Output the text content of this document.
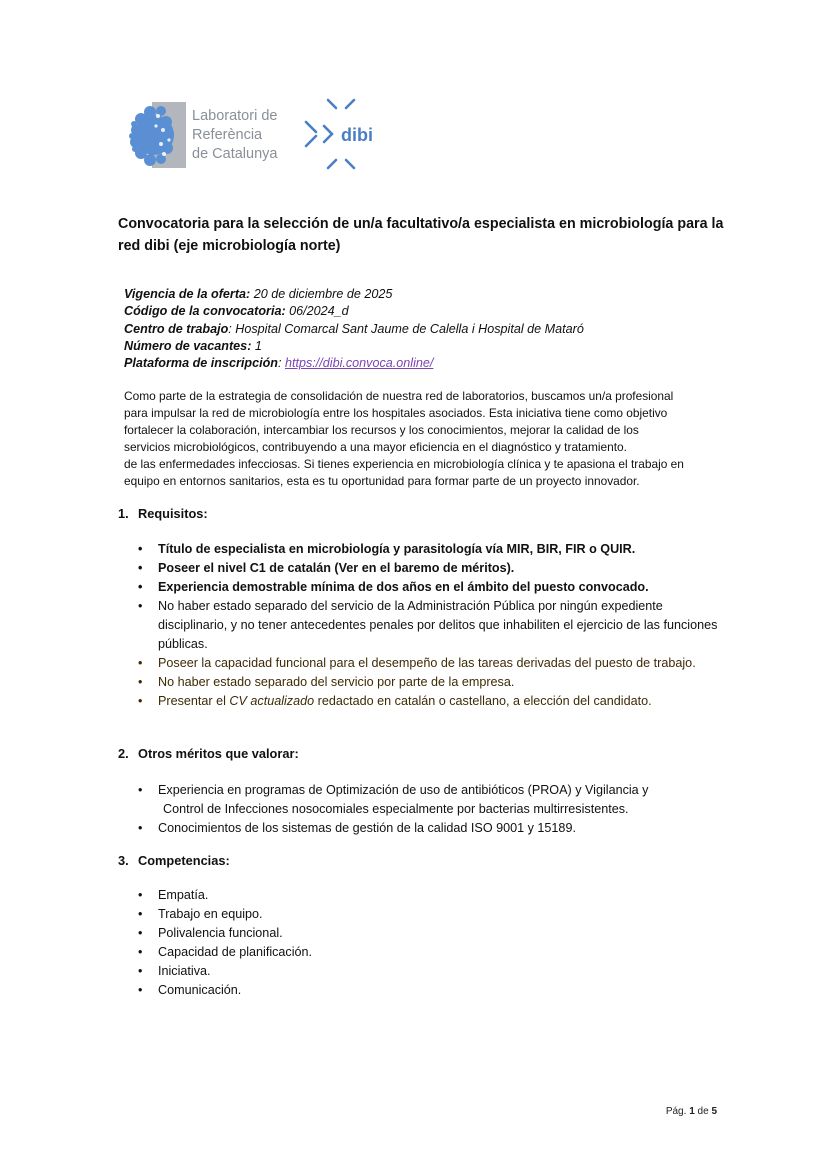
Laboratori de
Referència
de Catalunya
dibi
Convocatoria para la selección de un/a facultativo/a especialista en microbiología para la red dibi (eje microbiología norte)
Vigencia de la oferta: 20 de diciembre de 2025
Código de la convocatoria: 06/2024_d
Centro de trabajo: Hospital Comarcal Sant Jaume de Calella i Hospital de Mataró
Número de vacantes: 1
Plataforma de inscripción: https://dibi.convoca.online/
Como parte de la estrategia de consolidación de nuestra red de laboratorios, buscamos un/a profesional
para impulsar la red de microbiología entre los hospitales asociados. Esta iniciativa tiene como objetivo
fortalecer la colaboración, intercambiar los recursos y los conocimientos, mejorar la calidad de los
servicios microbiológicos, contribuyendo a una mayor eficiencia en el diagnóstico y tratamiento.
de las enfermedades infecciosas. Si tienes experiencia en microbiología clínica y te apasiona el trabajo en
equipo en entornos sanitarios, esta es tu oportunidad para formar parte de un proyecto innovador.
1. Requisitos:
• Título de especialista en microbiología y parasitología vía MIR, BIR, FIR o QUIR.
• Poseer el nivel C1 de catalán (Ver en el baremo de méritos).
• Experiencia demostrable mínima de dos años en el ámbito del puesto convocado.
• No haber estado separado del servicio de la Administración Pública por ningún expediente disciplinario, y no tener antecedentes penales por delitos que inhabiliten el ejercicio de las funciones públicas.
• Poseer la capacidad funcional para el desempeño de las tareas derivadas del puesto de trabajo.
• No haber estado separado del servicio por parte de la empresa.
• Presentar el CV actualizado redactado en catalán o castellano, a elección del candidato.
2. Otros méritos que valorar:
• Experiencia en programas de Optimización de uso de antibióticos (PROA) y Vigilancia y
Control de Infecciones nosocomiales especialmente por bacterias multirresistentes.
• Conocimientos de los sistemas de gestión de la calidad ISO 9001 y 15189.
3. Competencias:
• Empatía.
• Trabajo en equipo.
• Polivalencia funcional.
• Capacidad de planificación.
• Iniciativa.
• Comunicación.
Pág. 1 de 5
